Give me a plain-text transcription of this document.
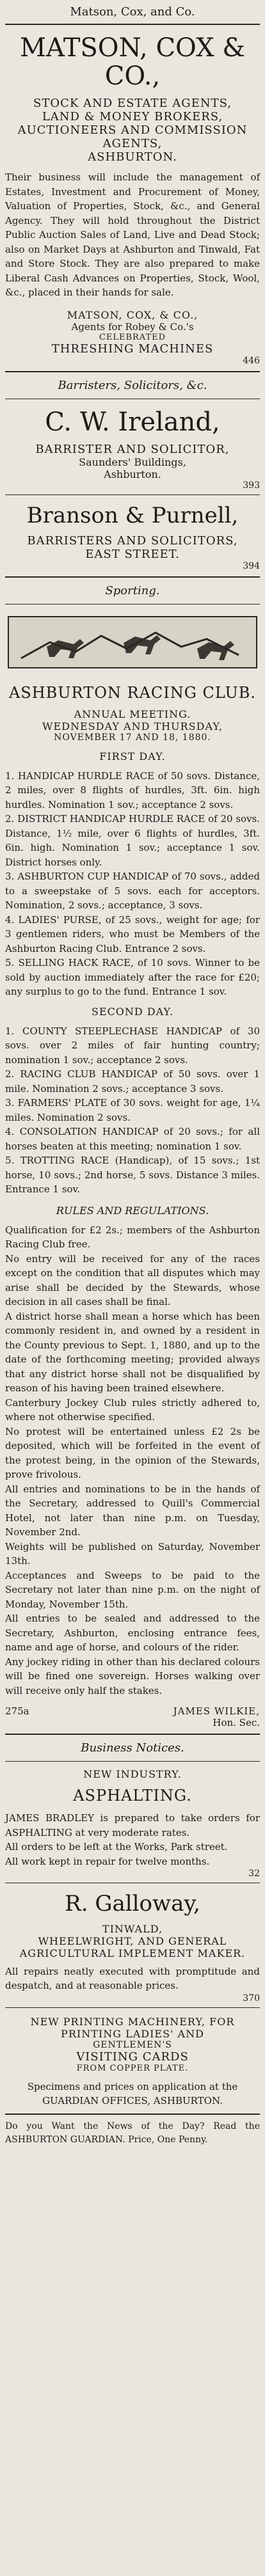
Matson, Cox, and Co.
MATSON, COX & CO.,
STOCK AND ESTATE AGENTS,
LAND & MONEY BROKERS,
AUCTIONEERS AND COMMISSION
AGENTS,
ASHBURTON.

Their business will include the management of Estates, Investment and Procurement of Money, Valuation of Properties, Stock, &c., and General Agency. They will hold throughout the District Public Auction Sales of Land, Live and Dead Stock; also on Market Days at Ashburton and Tinwald, Fat and Store Stock. They are also prepared to make Liberal Cash Advances on Properties, Stock, Wool, &c., placed in their hands for sale.

MATSON, COX, & CO.,
Agents for Robey & Co.'s
CELEBRATED
THRESHING MACHINES
446
Barristers, Solicitors, &c.
C. W. Ireland,
BARRISTER AND SOLICITOR,
Saunders' Buildings,
Ashburton.
393
Branson & Purnell,
BARRISTERS AND SOLICITORS,
EAST STREET.
394
Sporting.
ASHBURTON RACING CLUB.
ANNUAL MEETING.
WEDNESDAY AND THURSDAY,
NOVEMBER 17 AND 18, 1880.
FIRST DAY.

1. HANDICAP HURDLE RACE of 50 sovs. Distance, 2 miles, over 8 flights of hurdles, 3ft. 6in. high hurdles. Nomination 1 sov.; acceptance 2 sovs.

2. DISTRICT HANDICAP HURDLE RACE of 20 sovs. Distance, 1½ mile, over 6 flights of hurdles, 3ft. 6in. high. Nomination 1 sov.; acceptance 1 sov. District horses only.

3. ASHBURTON CUP HANDICAP of 70 sovs., added to a sweepstake of 5 sovs. each for acceptors. Nomination, 2 sovs.; acceptance, 3 sovs.

4. LADIES' PURSE, of 25 sovs., weight for age; for 3 gentlemen riders, who must be Members of the Ashburton Racing Club. Entrance 2 sovs.

5. SELLING HACK RACE, of 10 sovs. Winner to be sold by auction immediately after the race for £20; any surplus to go to the fund. Entrance 1 sov.

SECOND DAY.

1. COUNTY STEEPLECHASE HANDICAP of 30 sovs. over 2 miles of fair hunting country; nomination 1 sov.; acceptance 2 sovs.

2. RACING CLUB HANDICAP of 50 sovs. over 1 mile. Nomination 2 sovs.; acceptance 3 sovs.

3. FARMERS' PLATE of 30 sovs. weight for age, 1¼ miles. Nomination 2 sovs.

4. CONSOLATION HANDICAP of 20 sovs.; for all horses beaten at this meeting; nomination 1 sov.

5. TROTTING RACE (Handicap), of 15 sovs.; 1st horse, 10 sovs.; 2nd horse, 5 sovs. Distance 3 miles. Entrance 1 sov.

RULES AND REGULATIONS.

Qualification for £2 2s.; members of the Ashburton Racing Club free.

No entry will be received for any of the races except on the condition that all disputes which may arise shall be decided by the Stewards, whose decision in all cases shall be final.

A district horse shall mean a horse which has been commonly resident in, and owned by a resident in the County previous to Sept. 1, 1880, and up to the date of the forthcoming meeting; provided always that any district horse shall not be disqualified by reason of his having been trained elsewhere.

Canterbury Jockey Club rules strictly adhered to, where not otherwise specified.

No protest will be entertained unless £2 2s be deposited, which will be forfeited in the event of the protest being, in the opinion of the Stewards, prove frivolous.

All entries and nominations to be in the hands of the Secretary, addressed to Quill's Commercial Hotel, not later than nine p.m. on Tuesday, November 2nd.

Weights will be published on Saturday, November 13th.

Acceptances and Sweeps to be paid to the Secretary not later than nine p.m. on the night of Monday, November 15th.

All entries to be sealed and addressed to the Secretary, Ashburton, enclosing entrance fees, name and age of horse, and colours of the rider.

Any jockey riding in other than his declared colours will be fined one sovereign. Horses walking over will receive only half the stakes.

275a	JAMES WILKIE,
Hon. Sec.
Business Notices.
NEW INDUSTRY.
ASPHALTING.

JAMES BRADLEY is prepared to take orders for ASPHALTING at very moderate rates.

All orders to be left at the Works, Park street.

All work kept in repair for twelve months.

32
R. Galloway,
TINWALD,
WHEELWRIGHT, AND GENERAL AGRICULTURAL IMPLEMENT MAKER.

All repairs neatly executed with promptitude and despatch, and at reasonable prices.

370
NEW PRINTING MACHINERY, FOR PRINTING LADIES' AND
GENTLEMEN'S
VISITING CARDS
FROM COPPER PLATE.

Specimens and prices on application at the GUARDIAN OFFICES, ASHBURTON.

Do you Want the News of the Day? Read the ASHBURTON GUARDIAN. Price, One Penny.
